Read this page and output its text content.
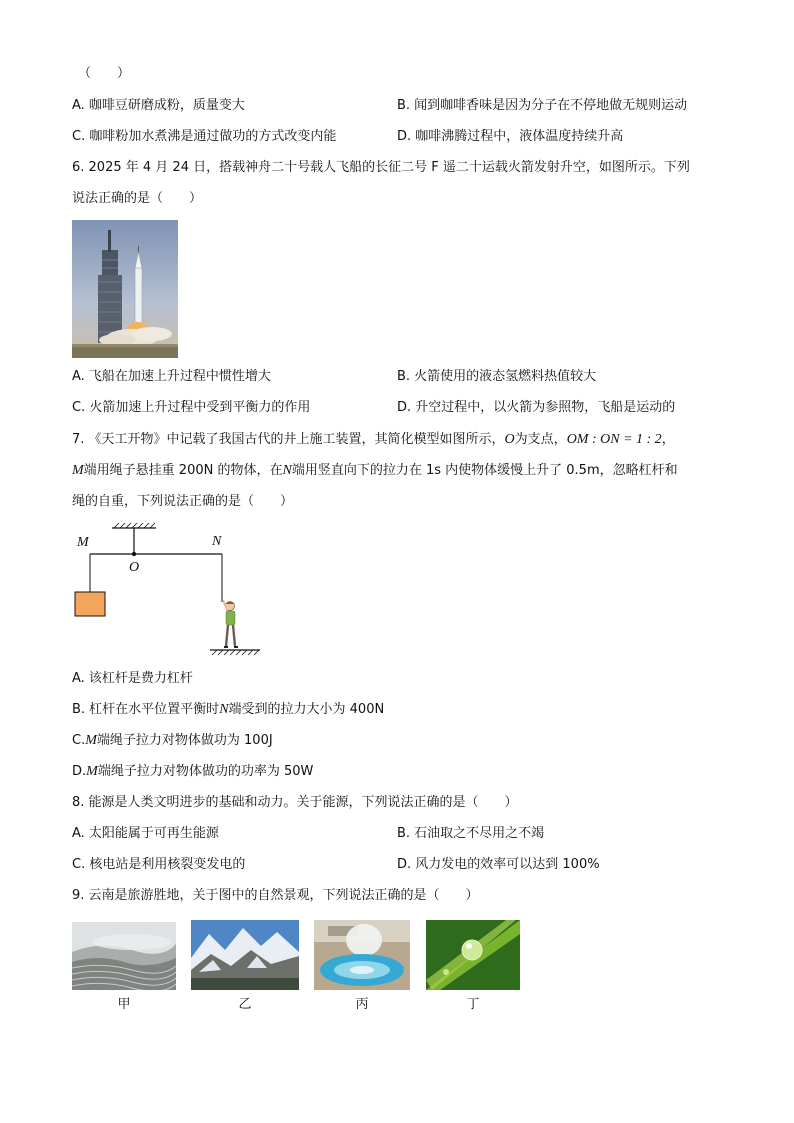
（　　）
A. 咖啡豆研磨成粉，质量变大	B. 闻到咖啡香味是因为分子在不停地做无规则运动
C. 咖啡粉加水煮沸是通过做功的方式改变内能	D. 咖啡沸腾过程中，液体温度持续升高
6. 2025 年 4 月 24 日，搭载神舟二十号载人飞船的长征二号 F 遥二十运载火箭发射升空，如图所示。下列
说法正确的是（　　）
A. 飞船在加速上升过程中惯性增大	B. 火箭使用的液态氢燃料热值较大
C. 火箭加速上升过程中受到平衡力的作用	D. 升空过程中，以火箭为参照物，飞船是运动的
7. 《天工开物》中记载了我国古代的井上施工装置，其简化模型如图所示，O为支点，OM : ON = 1 : 2，
M端用绳子悬挂重 200N 的物体，在N端用竖直向下的拉力在 1s 内使物体缓慢上升了 0.5m，忽略杠杆和
绳的自重，下列说法正确的是（　　）
M
O
N
A. 该杠杆是费力杠杆
B. 杠杆在水平位置平衡时N端受到的拉力大小为 400N
C.M端绳子拉力对物体做功为 100J
D.M端绳子拉力对物体做功的功率为 50W
8. 能源是人类文明进步的基础和动力。关于能源，下列说法正确的是（　　）
A. 太阳能属于可再生能源	B. 石油取之不尽用之不竭
C. 核电站是利用核裂变发电的	D. 风力发电的效率可以达到 100%
9. 云南是旅游胜地，关于图中的自然景观，下列说法正确的是（　　）
甲	乙	丙	丁
